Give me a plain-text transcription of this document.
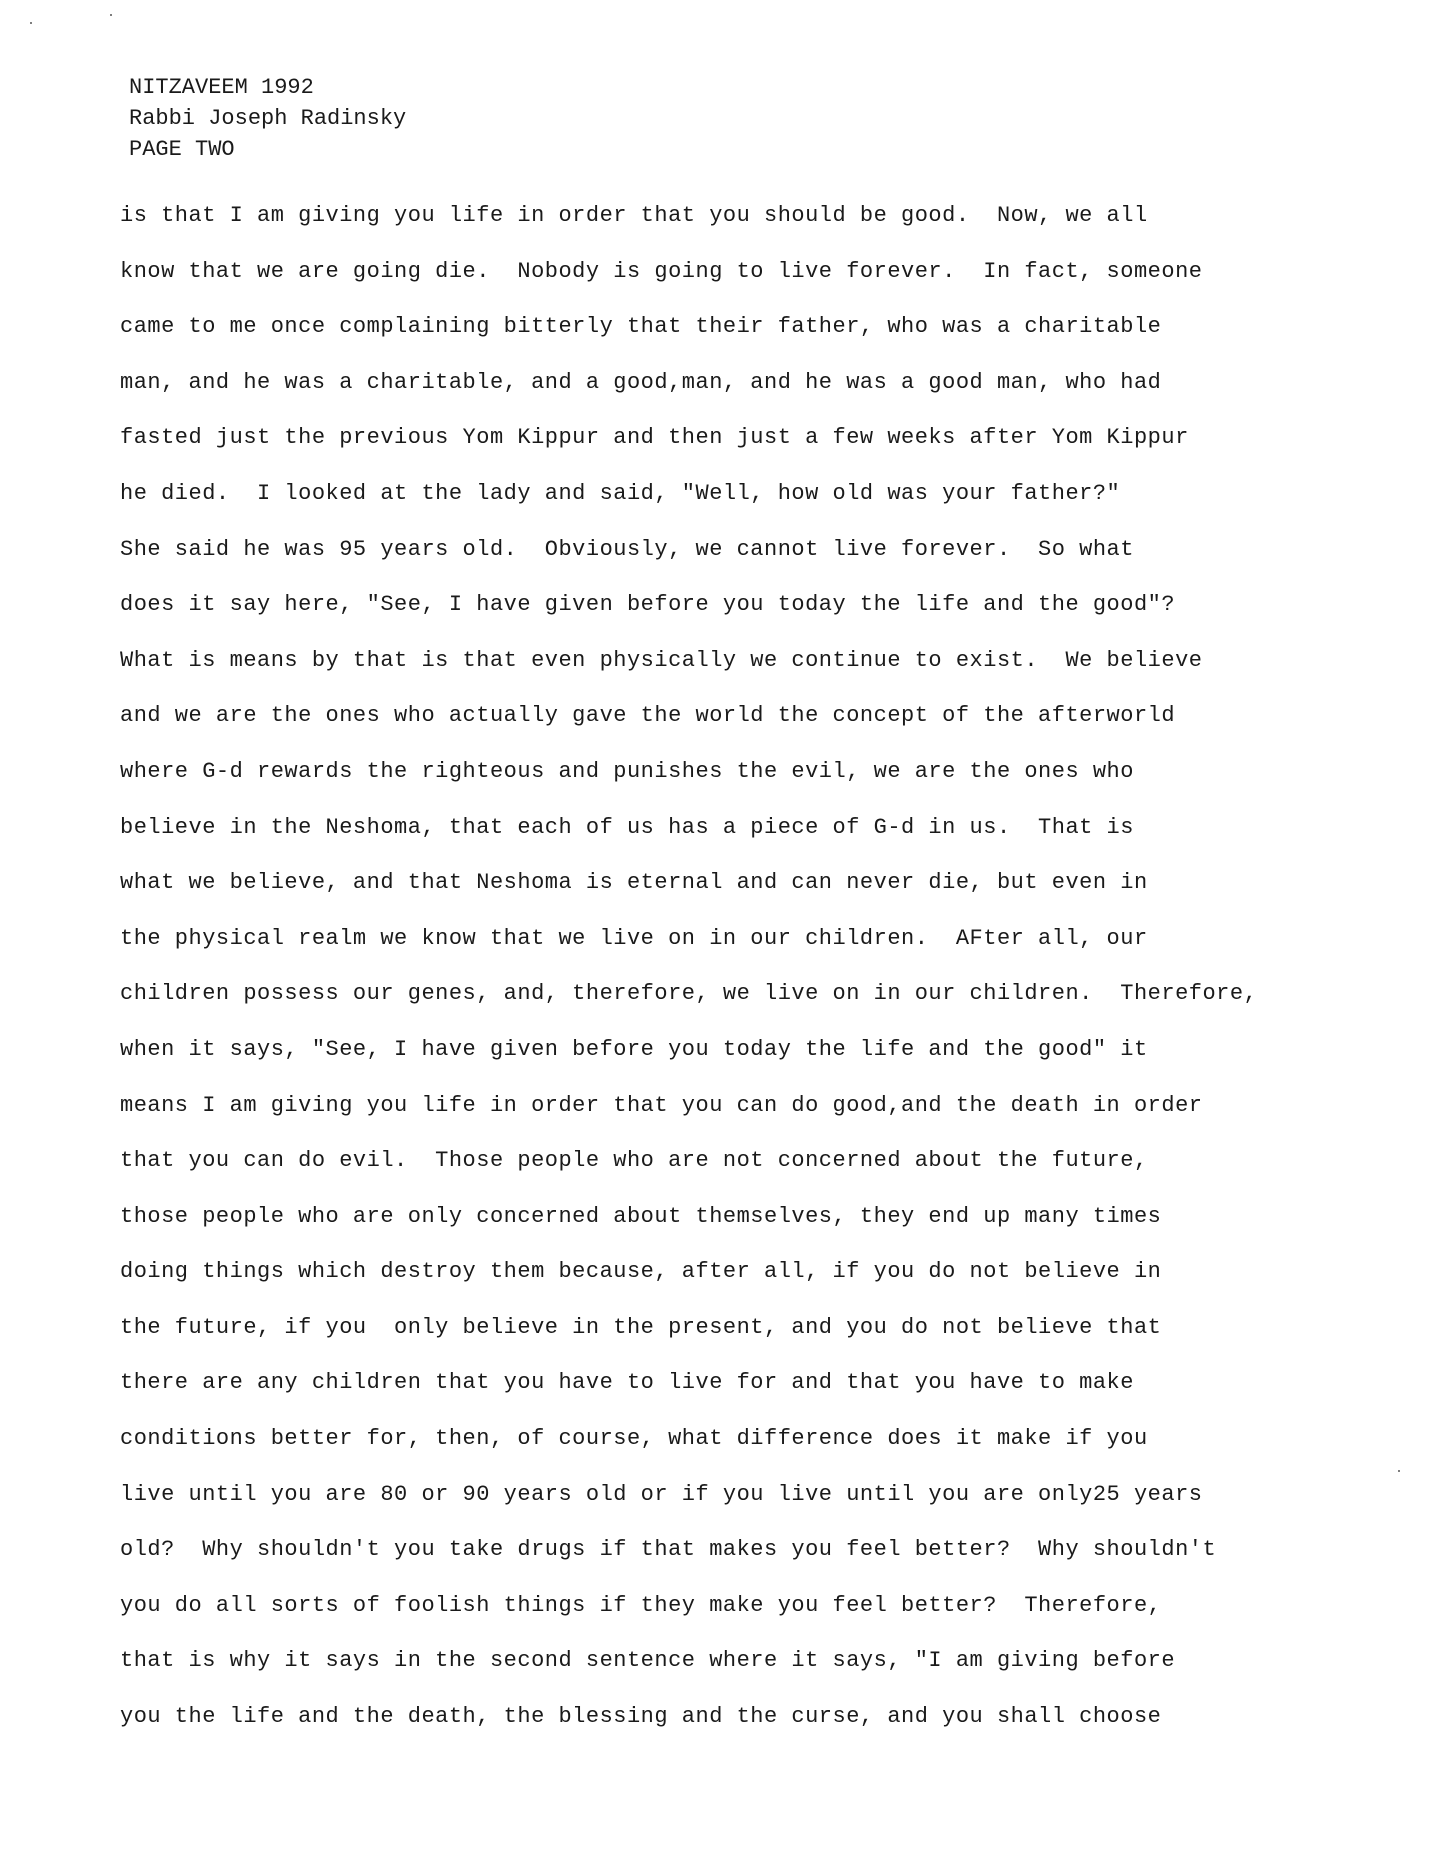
NITZAVEEM 1992
Rabbi Joseph Radinsky
PAGE TWO
is that I am giving you life in order that you should be good.  Now, we all
know that we are going die.  Nobody is going to live forever.  In fact, someone
came to me once complaining bitterly that their father, who was a charitable
man, and he was a charitable, and a good,man, and he was a good man, who had
fasted just the previous Yom Kippur and then just a few weeks after Yom Kippur
he died.  I looked at the lady and said, "Well, how old was your father?"
She said he was 95 years old.  Obviously, we cannot live forever.  So what
does it say here, "See, I have given before you today the life and the good"?
What is means by that is that even physically we continue to exist.  We believe
and we are the ones who actually gave the world the concept of the afterworld
where G-d rewards the righteous and punishes the evil, we are the ones who
believe in the Neshoma, that each of us has a piece of G-d in us.  That is
what we believe, and that Neshoma is eternal and can never die, but even in
the physical realm we know that we live on in our children.  AFter all, our
children possess our genes, and, therefore, we live on in our children.  Therefore,
when it says, "See, I have given before you today the life and the good" it
means I am giving you life in order that you can do good,and the death in order
that you can do evil.  Those people who are not concerned about the future,
those people who are only concerned about themselves, they end up many times
doing things which destroy them because, after all, if you do not believe in
the future, if you  only believe in the present, and you do not believe that
there are any children that you have to live for and that you have to make
conditions better for, then, of course, what difference does it make if you
live until you are 80 or 90 years old or if you live until you are only25 years
old?  Why shouldn't you take drugs if that makes you feel better?  Why shouldn't
you do all sorts of foolish things if they make you feel better?  Therefore,
that is why it says in the second sentence where it says, "I am giving before
you the life and the death, the blessing and the curse, and you shall choose
